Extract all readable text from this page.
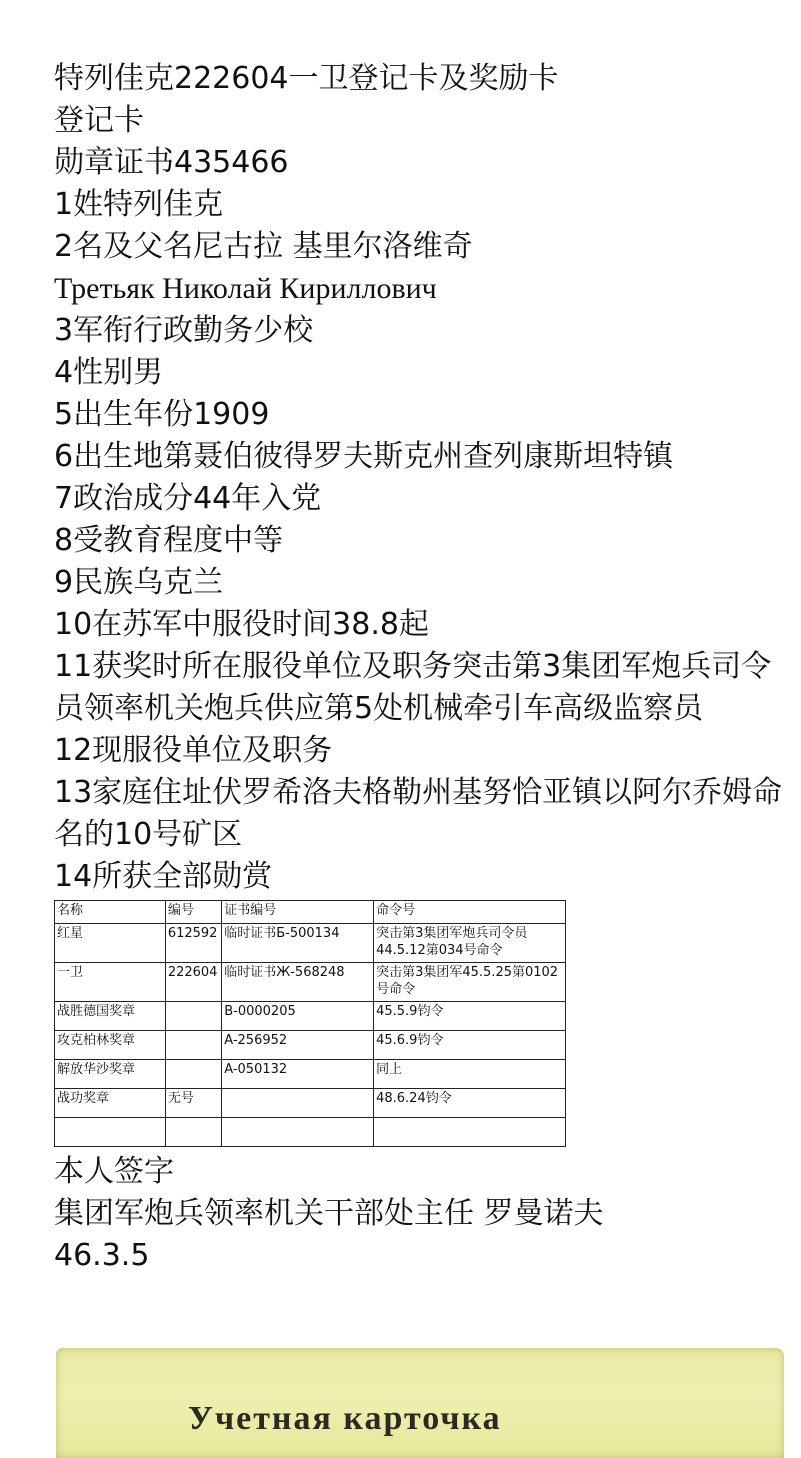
特列佳克222604一卫登记卡及奖励卡
登记卡
勋章证书435466
1姓特列佳克
2名及父名尼古拉 基里尔洛维奇
Третьяк Николай Кириллович
3军衔行政勤务少校
4性别男
5出生年份1909
6出生地第聂伯彼得罗夫斯克州查列康斯坦特镇
7政治成分44年入党
8受教育程度中等
9民族乌克兰
10在苏军中服役时间38.8起
11获奖时所在服役单位及职务突击第3集团军炮兵司令员领率机关炮兵供应第5处机械牵引车高级监察员
12现服役单位及职务
13家庭住址伏罗希洛夫格勒州基努恰亚镇以阿尔乔姆命名的10号矿区
14所获全部勋赏
名称	编号	证书编号	命令号
红星	612592	临时证书Б-500134	突击第3集团军炮兵司令员44.5.12第034号命令
一卫	222604	临时证书Ж-568248	突击第3集团军45.5.25第0102号命令
战胜德国奖章		B-0000205	45.5.9钧令
攻克柏林奖章		A-256952	45.6.9钧令
解放华沙奖章		A-050132	同上
战功奖章	无号		48.6.24钧令

本人签字
集团军炮兵领率机关干部处主任 罗曼诺夫
46.3.5
Учетная карточка
